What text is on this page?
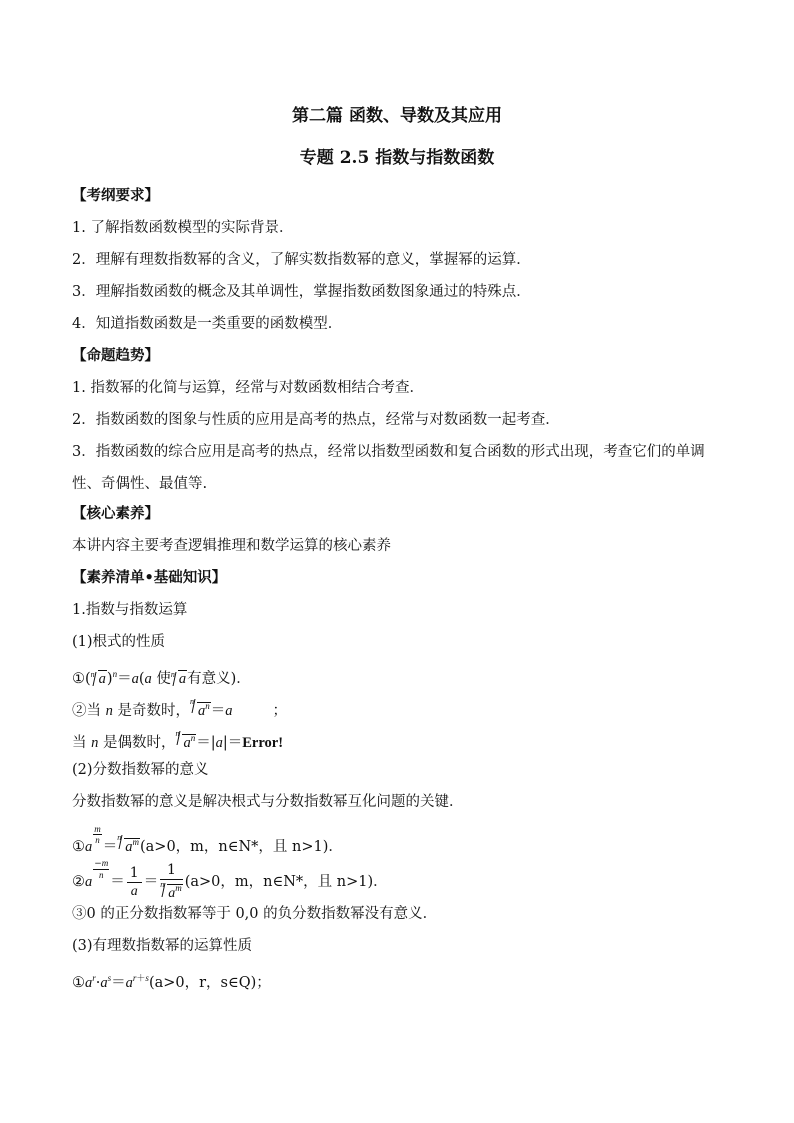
第二篇 函数、导数及其应用
专题 2.5 指数与指数函数
【考纲要求】
1. 了解指数函数模型的实际背景．
2．理解有理数指数幂的含义，了解实数指数幂的意义，掌握幂的运算．
3．理解指数函数的概念及其单调性，掌握指数函数图象通过的特殊点．
4．知道指数函数是一类重要的函数模型．
【命题趋势】
1. 指数幂的化简与运算，经常与对数函数相结合考查．
2．指数函数的图象与性质的应用是高考的热点，经常与对数函数一起考查．
3．指数函数的综合应用是高考的热点，经常以指数型函数和复合函数的形式出现，考查它们的单调性、奇偶性、最值等.
【核心素养】
本讲内容主要考查逻辑推理和数学运算的核心素养
【素养清单•基础知识】
1.指数与指数运算
(1)根式的性质
①( n a)$^n$＝a(a 使 n a有意义)．
②当 n 是奇数时，
n
$a^n=a$	；
当 n 是偶数时，
n
$a^n=|a|=Error$!
(2)分数指数幂的意义
分数指数幂的意义是解决根式与分数指数幂互化问题的关键．
①a
$\frac{m}{n}$
＝
n
$a^m(a>0$，m，n∈N*，且 n>1)．
②a
$\frac{-m}{n}$
＝ $\frac{1}{a}$ ＝
1
n
$a^m$ (a>0，m，n∈N*，且 n>1)．
③0 的正分数指数幂等于 0,0 的负分数指数幂没有意义．
(3)有理数指数幂的运算性质
$①a^r\cdot a^s=a^{r+s}(a>0$，r，s∈Q)；
